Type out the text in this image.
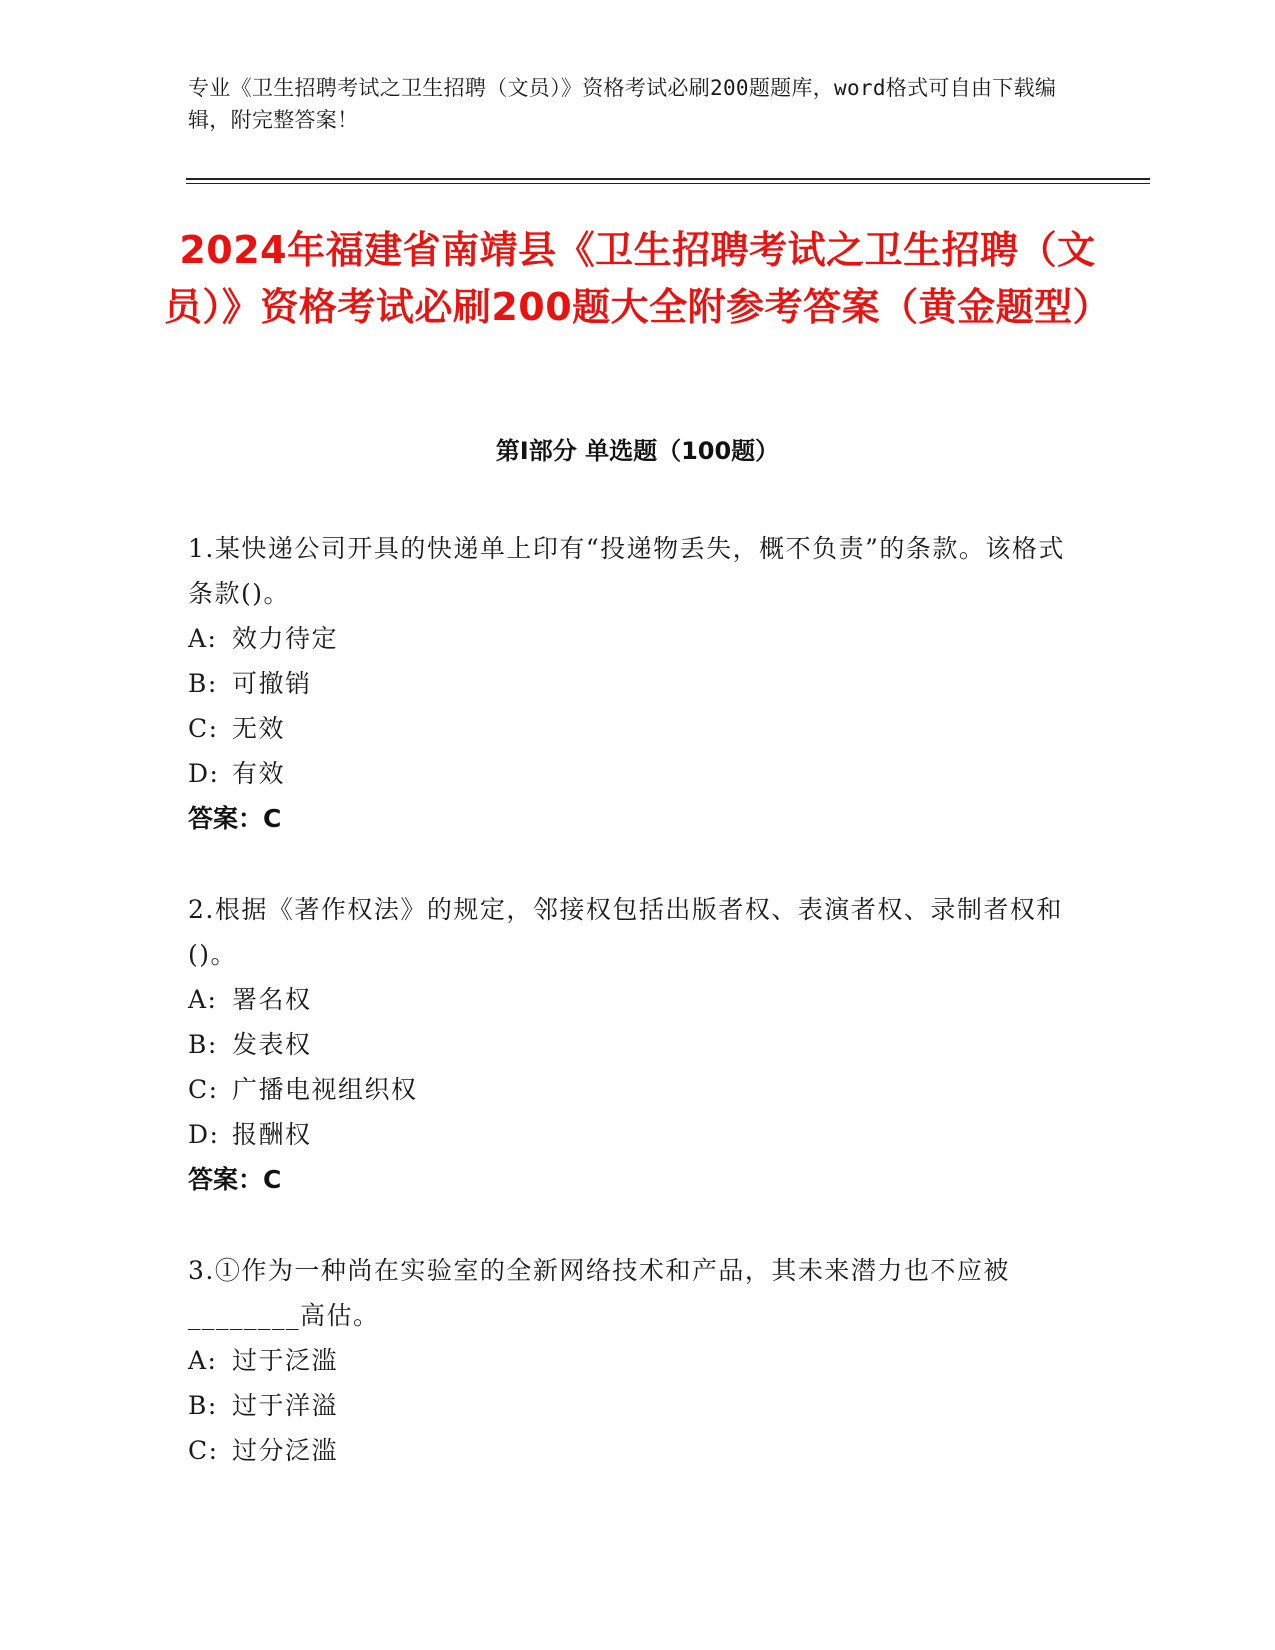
专业《卫生招聘考试之卫生招聘（文员）》资格考试必刷200题题库，word格式可自由下载编辑，附完整答案！
2024年福建省南靖县《卫生招聘考试之卫生招聘（文员）》资格考试必刷200题大全附参考答案（黄金题型）
第I部分 单选题（100题）
1.某快递公司开具的快递单上印有“投递物丢失，概不负责”的条款。该格式条款()。
A: 效力待定
B: 可撤销
C: 无效
D: 有效
答案：C
2.根据《著作权法》的规定，邻接权包括出版者权、表演者权、录制者权和()。
A: 署名权
B: 发表权
C: 广播电视组织权
D: 报酬权
答案：C
3.①作为一种尚在实验室的全新网络技术和产品，其未来潜力也不应被________高估。
A: 过于泛滥
B: 过于洋溢
C: 过分泛滥
